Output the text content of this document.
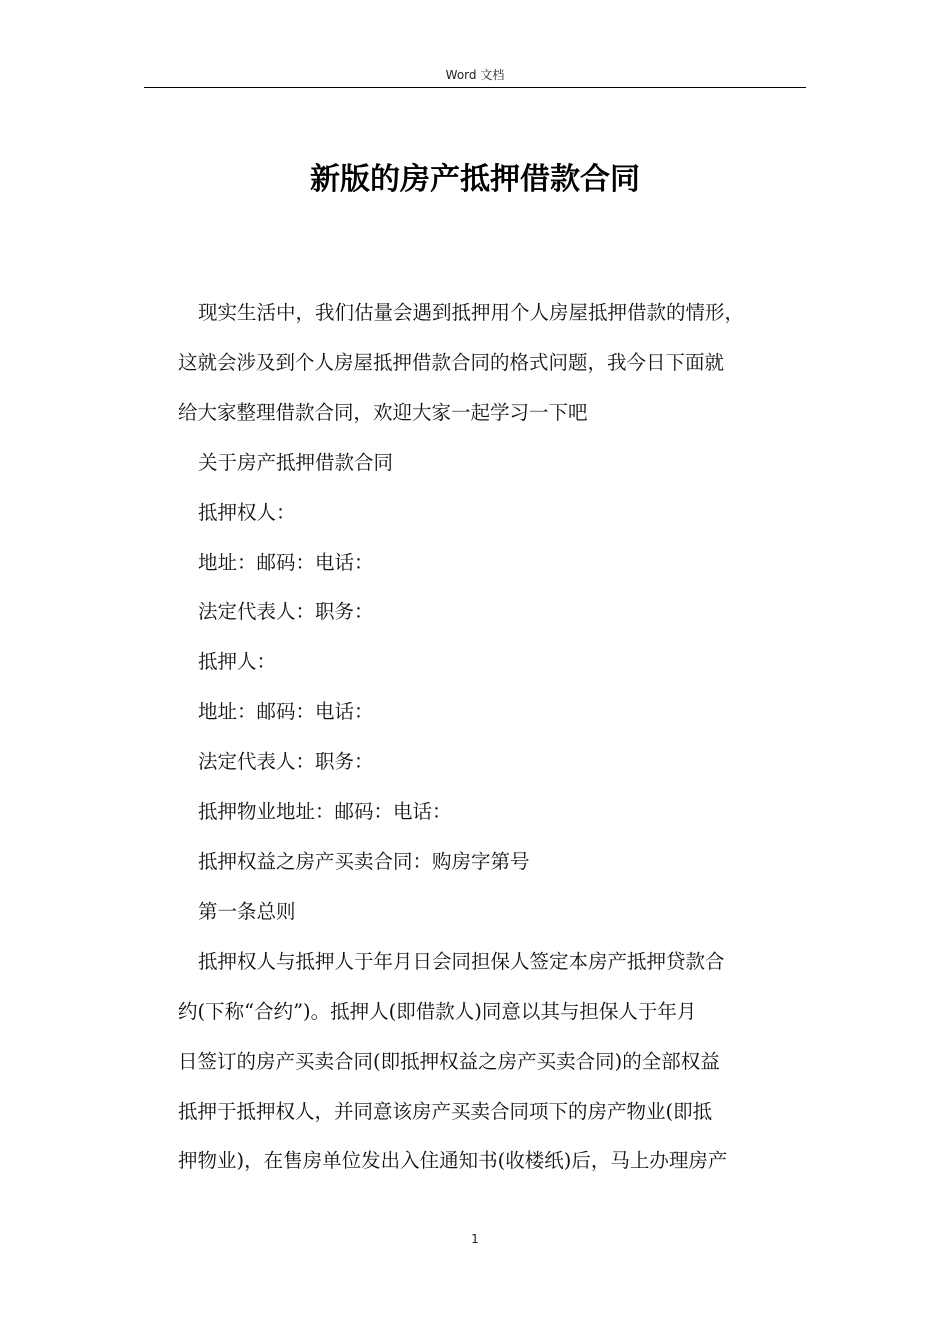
Word 文档
新版的房产抵押借款合同

现实生活中，我们估量会遇到抵押用个人房屋抵押借款的情形，

这就会涉及到个人房屋抵押借款合同的格式问题，我今日下面就

给大家整理借款合同，欢迎大家一起学习一下吧

关于房产抵押借款合同

抵押权人：

地址：邮码：电话：

法定代表人：职务：

抵押人：

地址：邮码：电话：

法定代表人：职务：

抵押物业地址：邮码：电话：

抵押权益之房产买卖合同：购房字第号

第一条总则

抵押权人与抵押人于年月日会同担保人签定本房产抵押贷款合

约(下称“合约”)。抵押人(即借款人)同意以其与担保人于年月

日签订的房产买卖合同(即抵押权益之房产买卖合同)的全部权益

抵押于抵押权人，并同意该房产买卖合同项下的房产物业(即抵

押物业)，在售房单位发出入住通知书(收楼纸)后，马上办理房产

1
